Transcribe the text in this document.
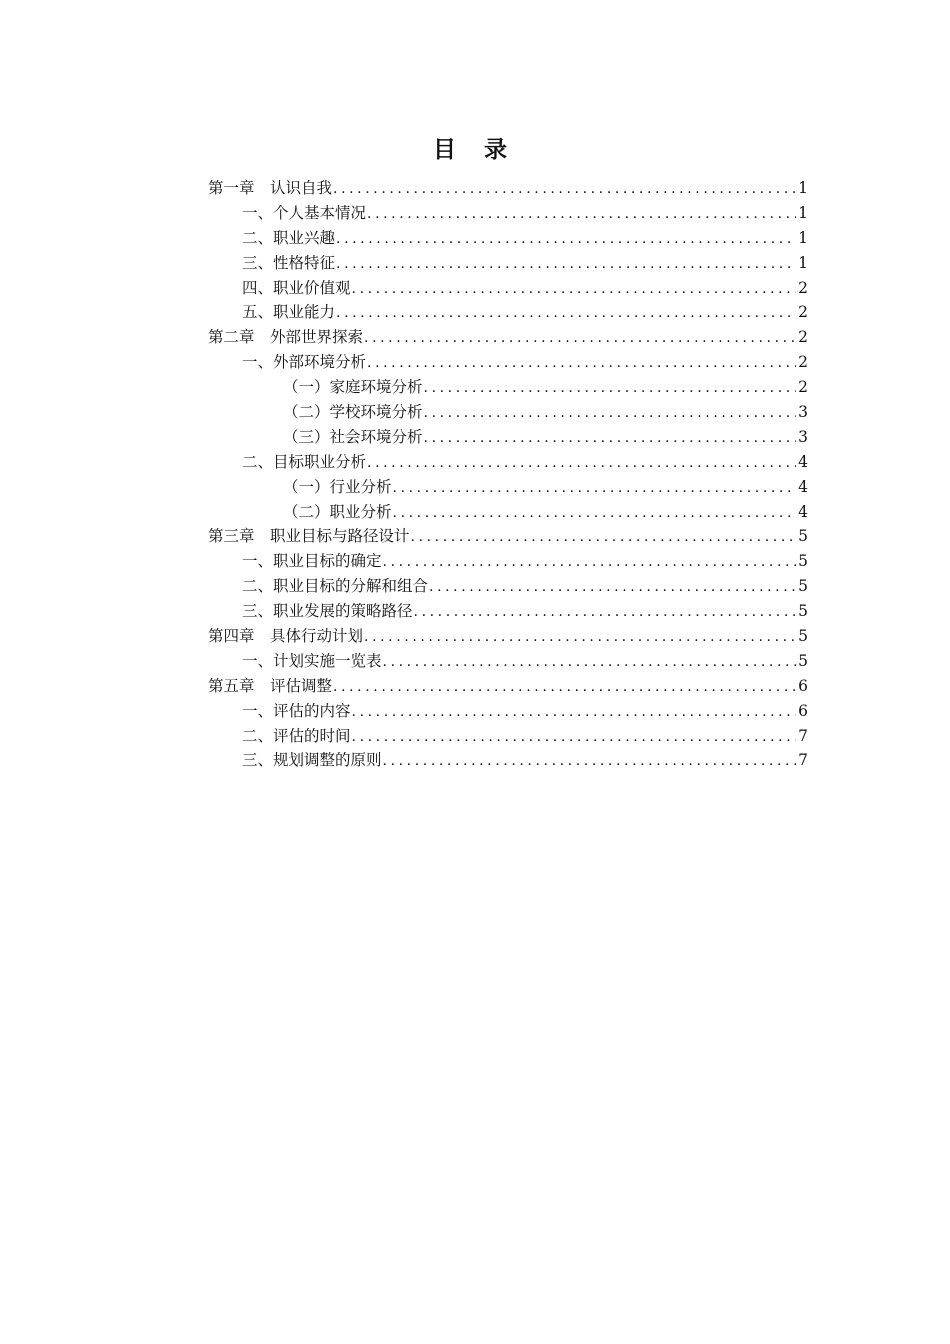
目 录
第一章　认识自我 .....	1
一、个人基本情况 .....	1
二、职业兴趣 .....	1
三、性格特征 .....	1
四、职业价值观 .....	2
五、职业能力 .....	2
第二章　外部世界探索 .....	2
一、外部环境分析 .....	2
（一）家庭环境分析 .....	2
（二）学校环境分析 .....	3
（三）社会环境分析 .....	3
二、目标职业分析 .....	4
（一）行业分析 .....	4
（二）职业分析 .....	4
第三章　职业目标与路径设计 .....	5
一、职业目标的确定 .....	5
二、职业目标的分解和组合 .....	5
三、职业发展的策略路径 .....	5
第四章　具体行动计划 .....	5
一、计划实施一览表 .....	5
第五章　评估调整 .....	6
一、评估的内容 .....	6
二、评估的时间 .....	7
三、规划调整的原则 .....	7
